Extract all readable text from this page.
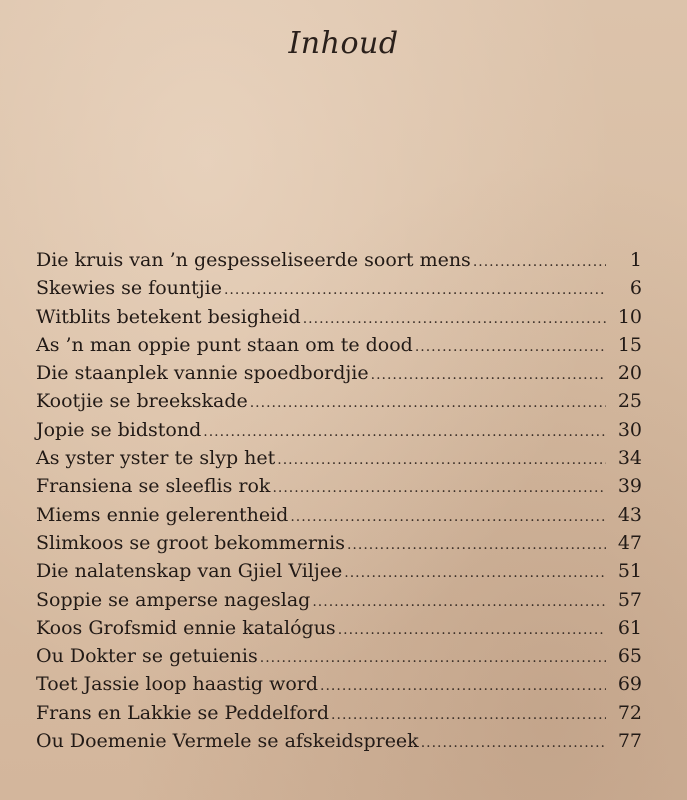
Inhoud
Die kruis van ’n gespesseliseerde soort mens .....	1
Skewies se fountjie .....	6
Witblits betekent besigheid .....	10
As ’n man oppie punt staan om te dood .....	15
Die staanplek vannie spoedbordjie .....	20
Kootjie se breekskade .....	25
Jopie se bidstond .....	30
As yster yster te slyp het .....	34
Fransiena se sleeflis rok .....	39
Miems ennie gelerentheid .....	43
Slimkoos se groot bekommernis .....	47
Die nalatenskap van Gjiel Viljee .....	51
Soppie se amperse nageslag .....	57
Koos Grofsmid ennie katalógus .....	61
Ou Dokter se getuienis .....	65
Toet Jassie loop haastig word .....	69
Frans en Lakkie se Peddelford .....	72
Ou Doemenie Vermele se afskeidspreek .....	77
